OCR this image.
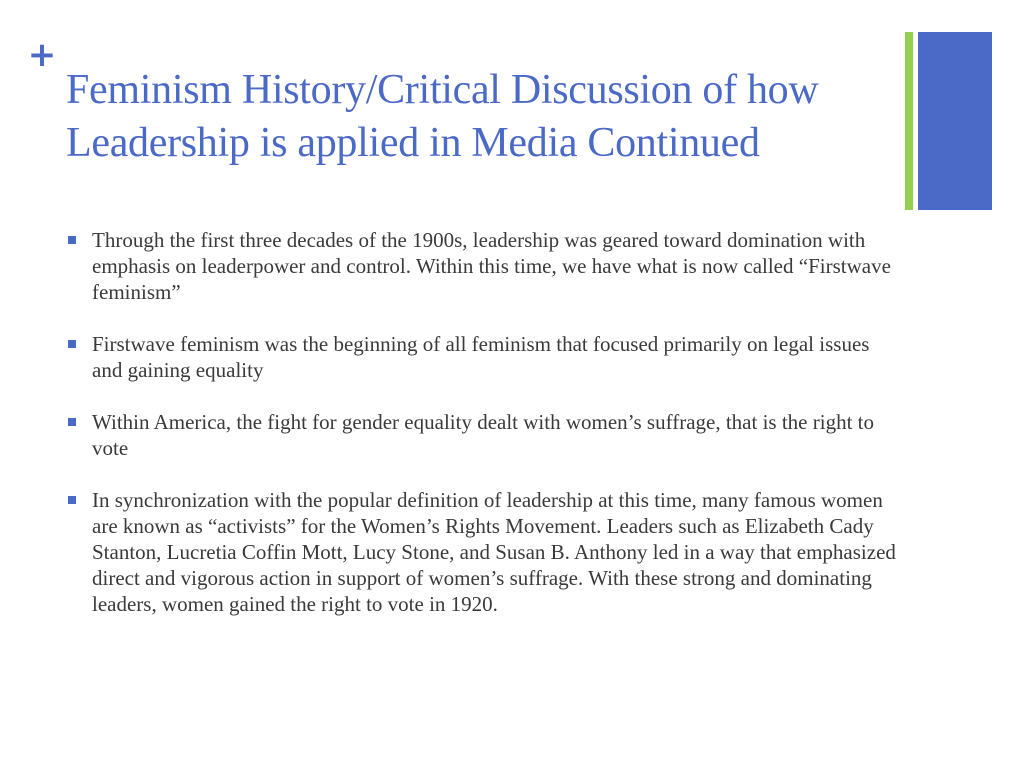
+
Feminism History/Critical Discussion of how Leadership is applied in Media Continued
Through the first three decades of the 1900s, leadership was geared toward domination with emphasis on leaderpower and control. Within this time, we have what is now called “Firstwave feminism”
Firstwave feminism was the beginning of all feminism that focused primarily on legal issues and gaining equality
Within America, the fight for gender equality dealt with women’s suffrage, that is the right to vote
In synchronization with the popular definition of leadership at this time, many famous women are known as “activists” for the Women’s Rights Movement. Leaders such as Elizabeth Cady Stanton, Lucretia Coffin Mott, Lucy Stone, and Susan B. Anthony led in a way that emphasized direct and vigorous action in support of women’s suffrage. With these strong and dominating leaders, women gained the right to vote in 1920.
